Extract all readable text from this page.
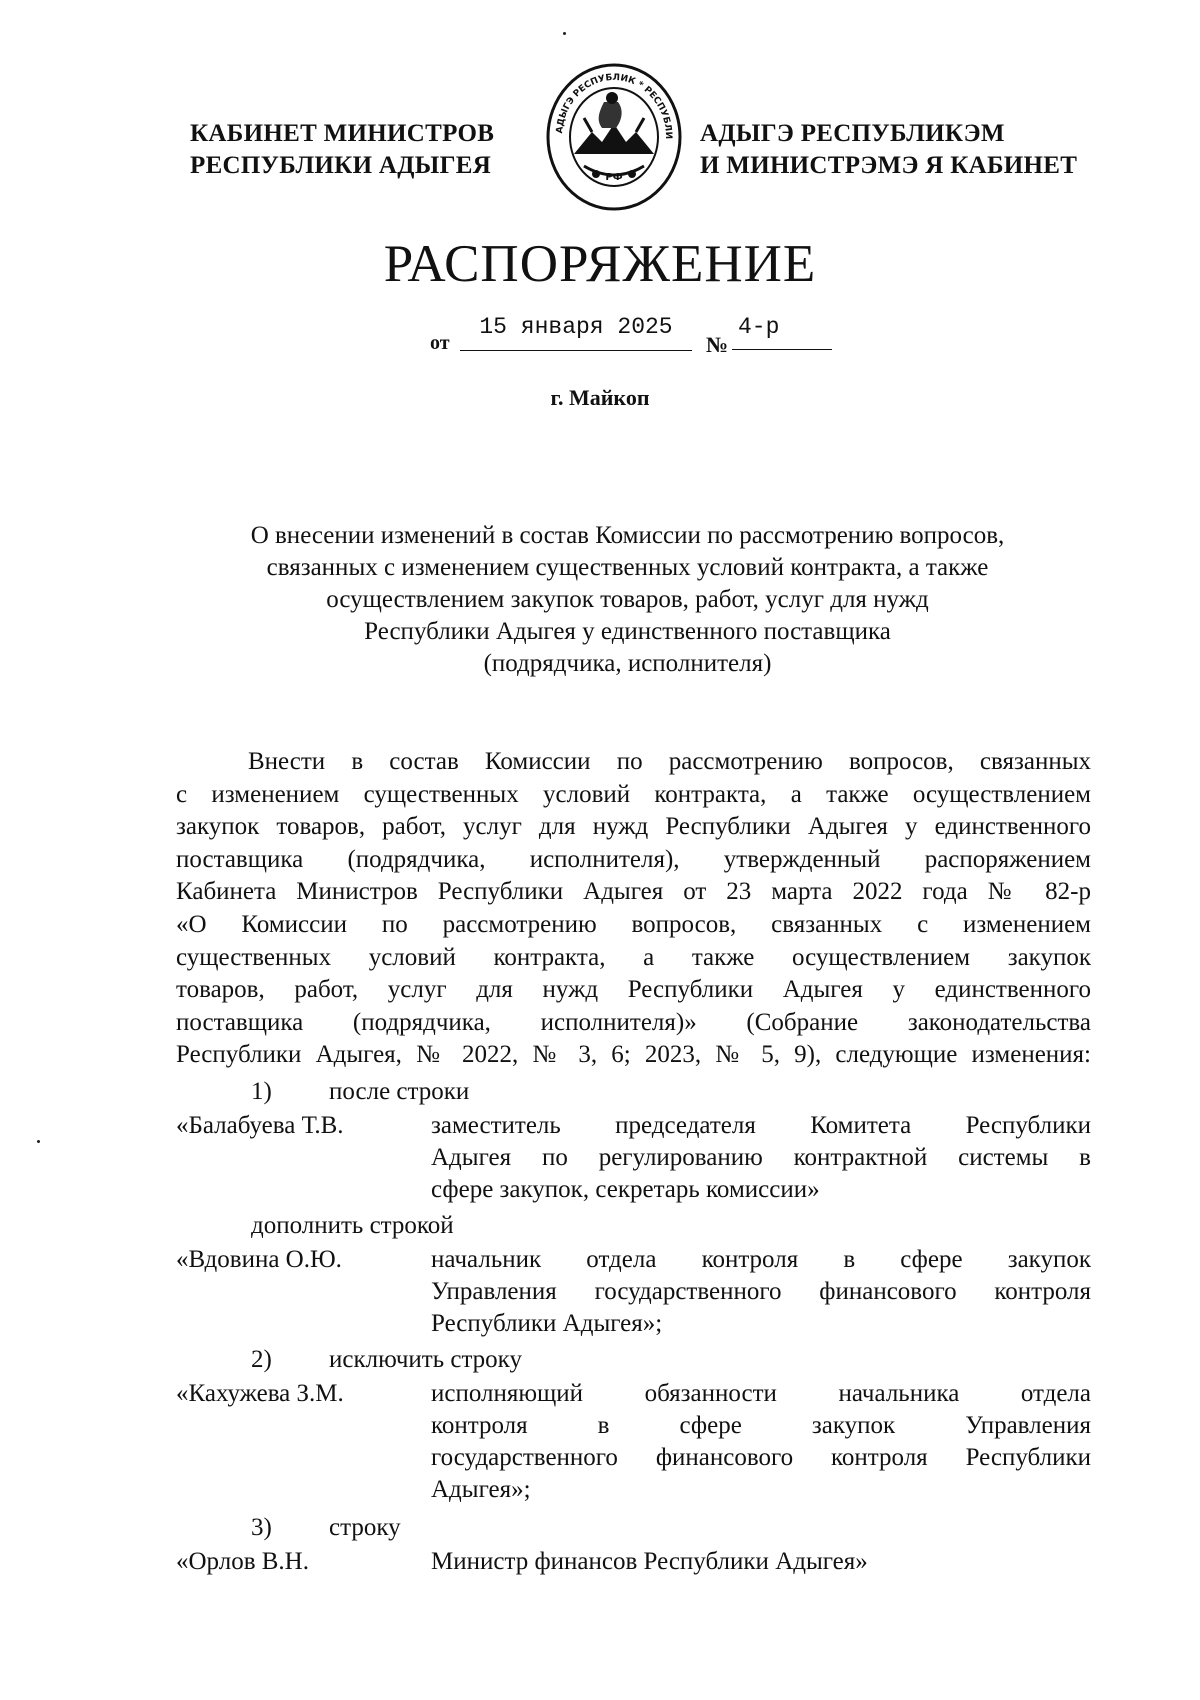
КАБИНЕТ МИНИСТРОВ
РЕСПУБЛИКИ АДЫГЕЯ
АДЫГЭ РЕСПУБЛИК * РЕСПУБЛИ
РФ
АДЫГЭ РЕСПУБЛИКЭМ
И МИНИСТРЭМЭ Я КАБИНЕТ
РАСПОРЯЖЕНИЕ
от
15 января 2025
№
4-р
г. Майкоп
О внесении изменений в состав Комиссии по рассмотрению вопросов,
связанных с изменением существенных условий контракта, а также
осуществлением закупок товаров, работ, услуг для нужд
Республики Адыгея у единственного поставщика
(подрядчика, исполнителя)
Внести в состав Комиссии по рассмотрению вопросов, связанных
с изменением существенных условий контракта, а также осуществлением
закупок товаров, работ, услуг для нужд Республики Адыгея у единственного
поставщика (подрядчика, исполнителя), утвержденный распоряжением
Кабинета Министров Республики Адыгея от 23 марта 2022 года № 82-р
«О Комиссии по рассмотрению вопросов, связанных с изменением
существенных условий контракта, а также осуществлением закупок
товаров, работ, услуг для нужд Республики Адыгея у единственного
поставщика (подрядчика, исполнителя)» (Собрание законодательства
Республики Адыгея, № 2022, № 3, 6; 2023, № 5, 9), следующие изменения:
1) после строки
«Балабуева Т.В.	заместитель председателя Комитета Республики
Адыгея по регулированию контрактной системы в
сфере закупок, секретарь комиссии»
дополнить строкой
«Вдовина О.Ю.	начальник отдела контроля в сфере закупок
Управления государственного финансового контроля
Республики Адыгея»;
2) исключить строку
«Кахужева З.М.	исполняющий обязанности начальника отдела
контроля в сфере закупок Управления
государственного финансового контроля Республики
Адыгея»;
3) строку
«Орлов В.Н.	Министр финансов Республики Адыгея»
